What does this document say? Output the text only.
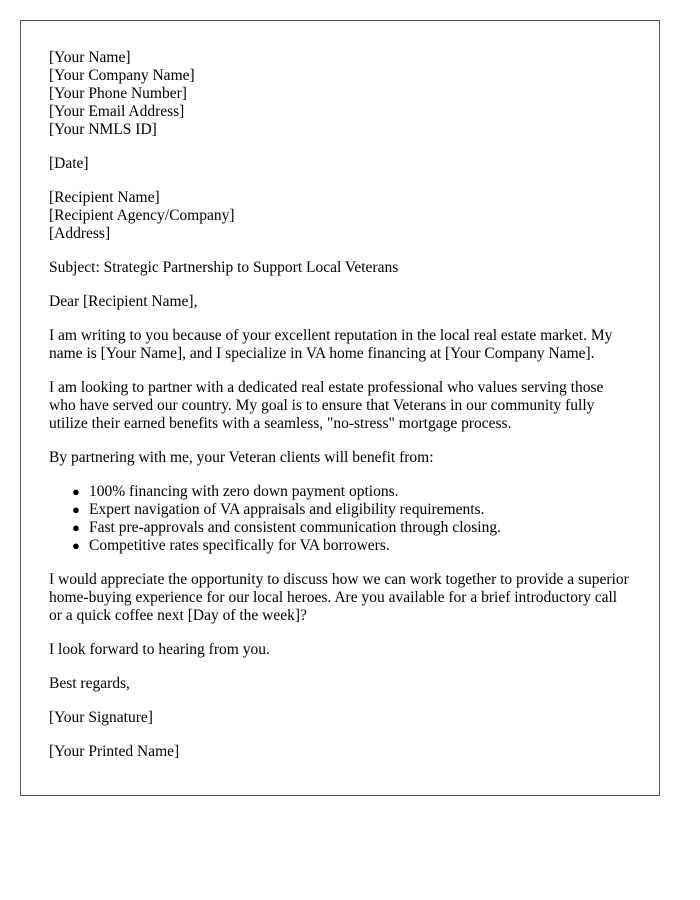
[Your Name]
[Your Company Name]
[Your Phone Number]
[Your Email Address]
[Your NMLS ID]
[Date]
[Recipient Name]
[Recipient Agency/Company]
[Address]
Subject: Strategic Partnership to Support Local Veterans
Dear [Recipient Name],
I am writing to you because of your excellent reputation in the local real estate market. My name is [Your Name], and I specialize in VA home financing at [Your Company Name].
I am looking to partner with a dedicated real estate professional who values serving those who have served our country. My goal is to ensure that Veterans in our community fully utilize their earned benefits with a seamless, "no-stress" mortgage process.
By partnering with me, your Veteran clients will benefit from:
● 100% financing with zero down payment options.
● Expert navigation of VA appraisals and eligibility requirements.
● Fast pre-approvals and consistent communication through closing.
● Competitive rates specifically for VA borrowers.
I would appreciate the opportunity to discuss how we can work together to provide a superior home-buying experience for our local heroes. Are you available for a brief introductory call or a quick coffee next [Day of the week]?
I look forward to hearing from you.
Best regards,
[Your Signature]
[Your Printed Name]
